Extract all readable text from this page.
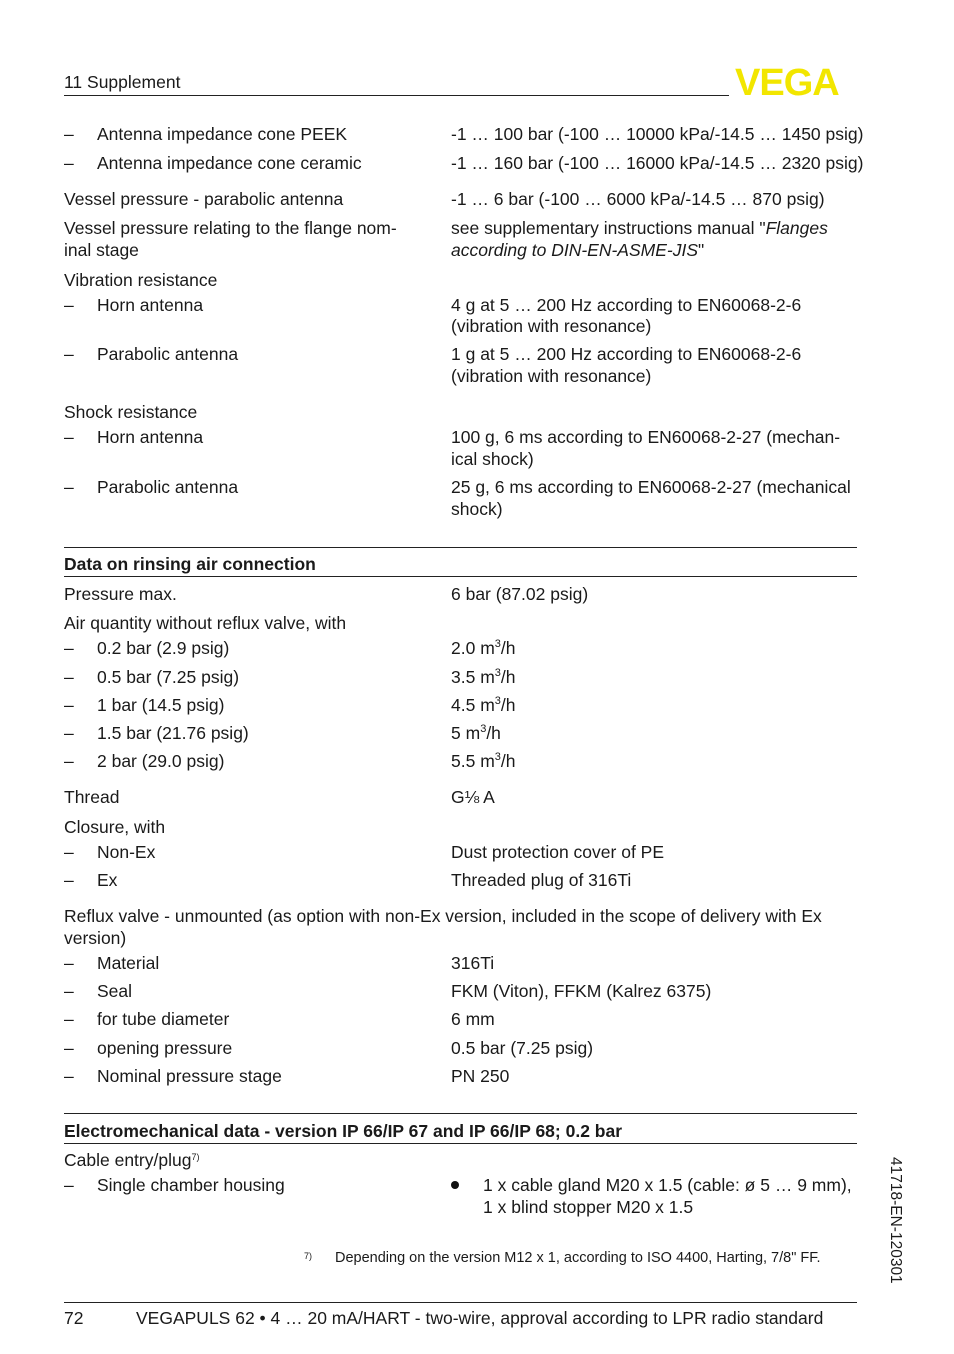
11 Supplement	VEGA
– Antenna impedance cone PEEK	-1 … 100 bar (-100 … 10000 kPa/-14.5 … 1450 psig)
– Antenna impedance cone ceramic	-1 … 160 bar (-100 … 16000 kPa/-14.5 … 2320 psig)
Vessel pressure - parabolic antenna	-1 … 6 bar (-100 … 6000 kPa/-14.5 … 870 psig)
Vessel pressure relating to the flange nom-
inal stage
see supplementary instructions manual "Flanges
according to DIN-EN-ASME-JIS"
Vibration resistance
– Horn antenna	4 g at 5 … 200 Hz according to EN60068-2-6
(vibration with resonance)
– Parabolic antenna	1 g at 5 … 200 Hz according to EN60068-2-6
(vibration with resonance)
Shock resistance
– Horn antenna	100 g, 6 ms according to EN60068-2-27 (mechan-
ical shock)
– Parabolic antenna	25 g, 6 ms according to EN60068-2-27 (mechanical
shock)
Data on rinsing air connection
Pressure max.	6 bar (87.02 psig)
Air quantity without reflux valve, with
– 0.2 bar (2.9 psig)	2.0 $m^3/h$
– 0.5 bar (7.25 psig)	3.5 $m^3/h$
– 1 bar (14.5 psig)	4.5 $m^3/h$
– 1.5 bar (21.76 psig)	5 $m^3/h$
– 2 bar (29.0 psig)	5.5 $m^3/h$
Thread	G⅛ A
Closure, with
– Non-Ex	Dust protection cover of PE
– Ex	Threaded plug of 316Ti
Reflux valve - unmounted (as option with non-Ex version, included in the scope of delivery with Ex
version)
– Material	316Ti
– Seal	FKM (Viton), FFKM (Kalrez 6375)
– for tube diameter	6 mm
– opening pressure	0.5 bar (7.25 psig)
– Nominal pressure stage	PN 250
Electromechanical data - version IP 66/IP 67 and IP 66/IP 68; 0.2 bar
Cable entry/plug$^{7)}$
– Single chamber housing	1 x cable gland M20 x 1.5 (cable: ø 5 … 9 mm),
1 x blind stopper M20 x 1.5
7) Depending on the version M12 x 1, according to ISO 4400, Harting, 7/8" FF.	41718-EN-120301
72	VEGAPULS 62 • 4 … 20 mA/HART - two-wire, approval according to LPR radio standard
